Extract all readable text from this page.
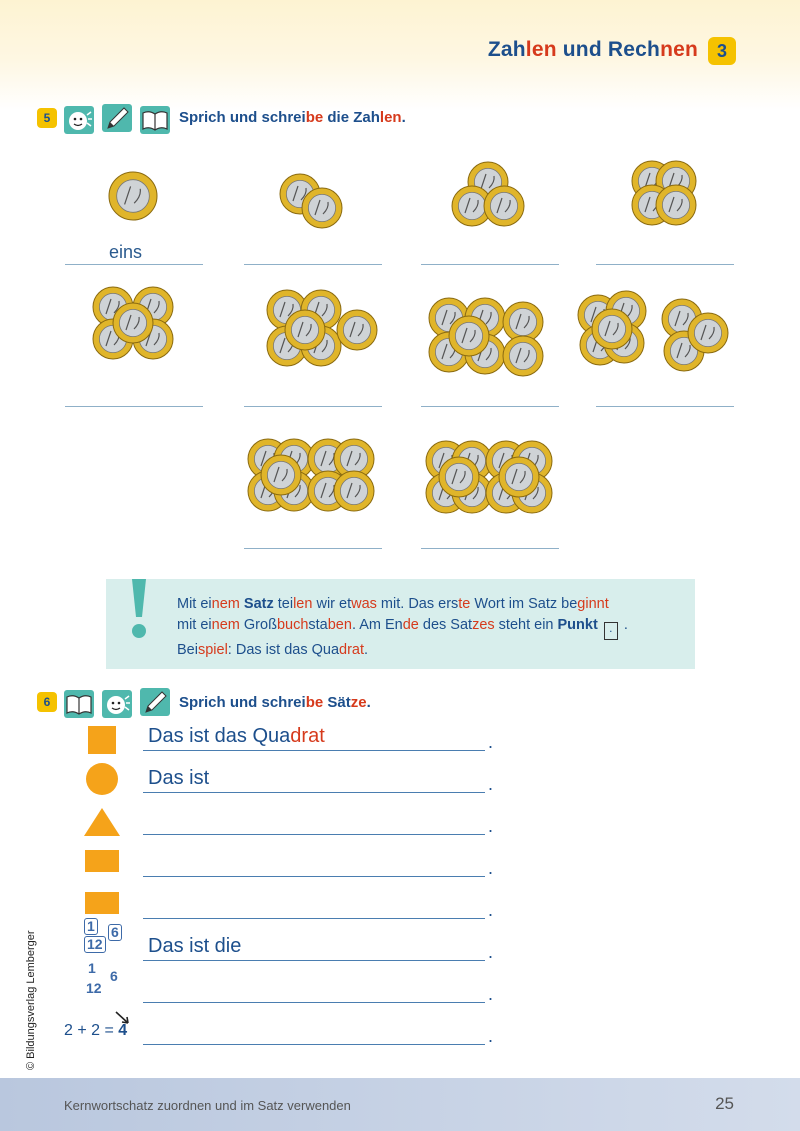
Zahlen und Rechnen	3
5	Sprich und schreibe die Zahlen.
eins
Mit einem Satz teilen wir etwas mit. Das erste Wort im Satz beginnt
mit einem Großbuchstaben. Am Ende des Satzes steht ein Punkt . .
Beispiel: Das ist das Quadrat.
6	Sprich und schreibe Sätze.
.
Das ist das Quadrat
.
Das ist
.
.
.
1 6
12	.
Das ist die
1 6
12	.
2 + 2 = 4	.
© Bildungsverlag Lemberger
Kernwortschatz zuordnen und im Satz verwenden	25
